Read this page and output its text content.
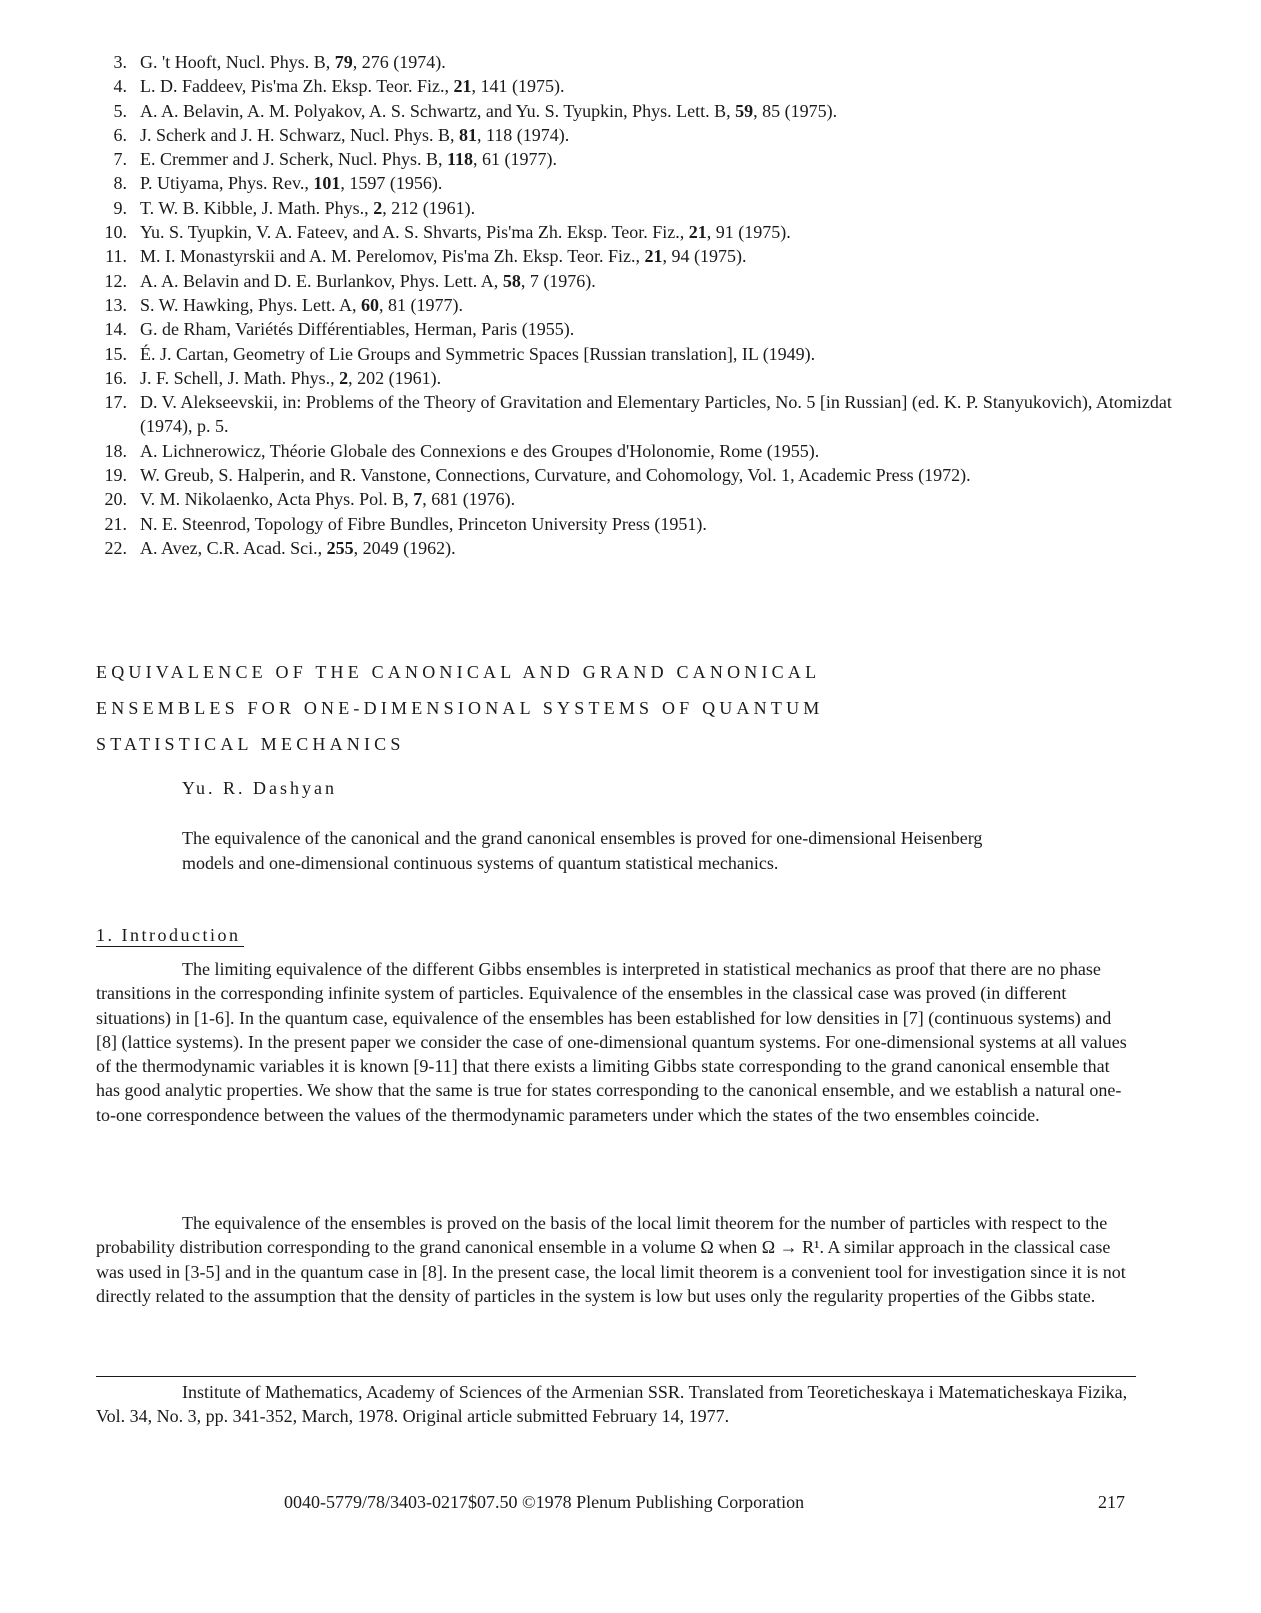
3. G. 't Hooft, Nucl. Phys. B, 79, 276 (1974).
4. L. D. Faddeev, Pis'ma Zh. Eksp. Teor. Fiz., 21, 141 (1975).
5. A. A. Belavin, A. M. Polyakov, A. S. Schwartz, and Yu. S. Tyupkin, Phys. Lett. B, 59, 85 (1975).
6. J. Scherk and J. H. Schwarz, Nucl. Phys. B, 81, 118 (1974).
7. E. Cremmer and J. Scherk, Nucl. Phys. B, 118, 61 (1977).
8. P. Utiyama, Phys. Rev., 101, 1597 (1956).
9. T. W. B. Kibble, J. Math. Phys., 2, 212 (1961).
10. Yu. S. Tyupkin, V. A. Fateev, and A. S. Shvarts, Pis'ma Zh. Eksp. Teor. Fiz., 21, 91 (1975).
11. M. I. Monastyrskii and A. M. Perelomov, Pis'ma Zh. Eksp. Teor. Fiz., 21, 94 (1975).
12. A. A. Belavin and D. E. Burlankov, Phys. Lett. A, 58, 7 (1976).
13. S. W. Hawking, Phys. Lett. A, 60, 81 (1977).
14. G. de Rham, Variétés Différentiables, Herman, Paris (1955).
15. É. J. Cartan, Geometry of Lie Groups and Symmetric Spaces [Russian translation], IL (1949).
16. J. F. Schell, J. Math. Phys., 2, 202 (1961).
17. D. V. Alekseevskii, in: Problems of the Theory of Gravitation and Elementary Particles, No. 5 [in Russian] (ed. K. P. Stanyukovich), Atomizdat (1974), p. 5.
18. A. Lichnerowicz, Théorie Globale des Connexions e des Groupes d'Holonomie, Rome (1955).
19. W. Greub, S. Halperin, and R. Vanstone, Connections, Curvature, and Cohomology, Vol. 1, Academic Press (1972).
20. V. M. Nikolaenko, Acta Phys. Pol. B, 7, 681 (1976).
21. N. E. Steenrod, Topology of Fibre Bundles, Princeton University Press (1951).
22. A. Avez, C.R. Acad. Sci., 255, 2049 (1962).
EQUIVALENCE OF THE CANONICAL AND GRAND CANONICAL
ENSEMBLES FOR ONE-DIMENSIONAL SYSTEMS OF QUANTUM
STATISTICAL MECHANICS
Yu. R. Dashyan
The equivalence of the canonical and the grand canonical ensembles is proved for one-dimensional Heisenberg models and one-dimensional continuous systems of quantum statistical mechanics.
1. Introduction

The limiting equivalence of the different Gibbs ensembles is interpreted in statistical mechanics as proof that there are no phase transitions in the corresponding infinite system of particles. Equivalence of the ensembles in the classical case was proved (in different situations) in [1-6]. In the quantum case, equivalence of the ensembles has been established for low densities in [7] (continuous systems) and [8] (lattice systems). In the present paper we consider the case of one-dimensional quantum systems. For one-dimensional systems at all values of the thermodynamic variables it is known [9-11] that there exists a limiting Gibbs state corresponding to the grand canonical ensemble that has good analytic properties. We show that the same is true for states corresponding to the canonical ensemble, and we establish a natural one-to-one correspondence between the values of the thermodynamic parameters under which the states of the two ensembles coincide.

The equivalence of the ensembles is proved on the basis of the local limit theorem for the number of particles with respect to the probability distribution corresponding to the grand canonical ensemble in a volume Ω when Ω → R¹. A similar approach in the classical case was used in [3-5] and in the quantum case in [8]. In the present case, the local limit theorem is a convenient tool for investigation since it is not directly related to the assumption that the density of particles in the system is low but uses only the regularity properties of the Gibbs state.

Institute of Mathematics, Academy of Sciences of the Armenian SSR. Translated from Teoreticheskaya i Matematicheskaya Fizika, Vol. 34, No. 3, pp. 341-352, March, 1978. Original article submitted February 14, 1977.
0040-5779/78/3403-0217$07.50 ©1978 Plenum Publishing Corporation	217
